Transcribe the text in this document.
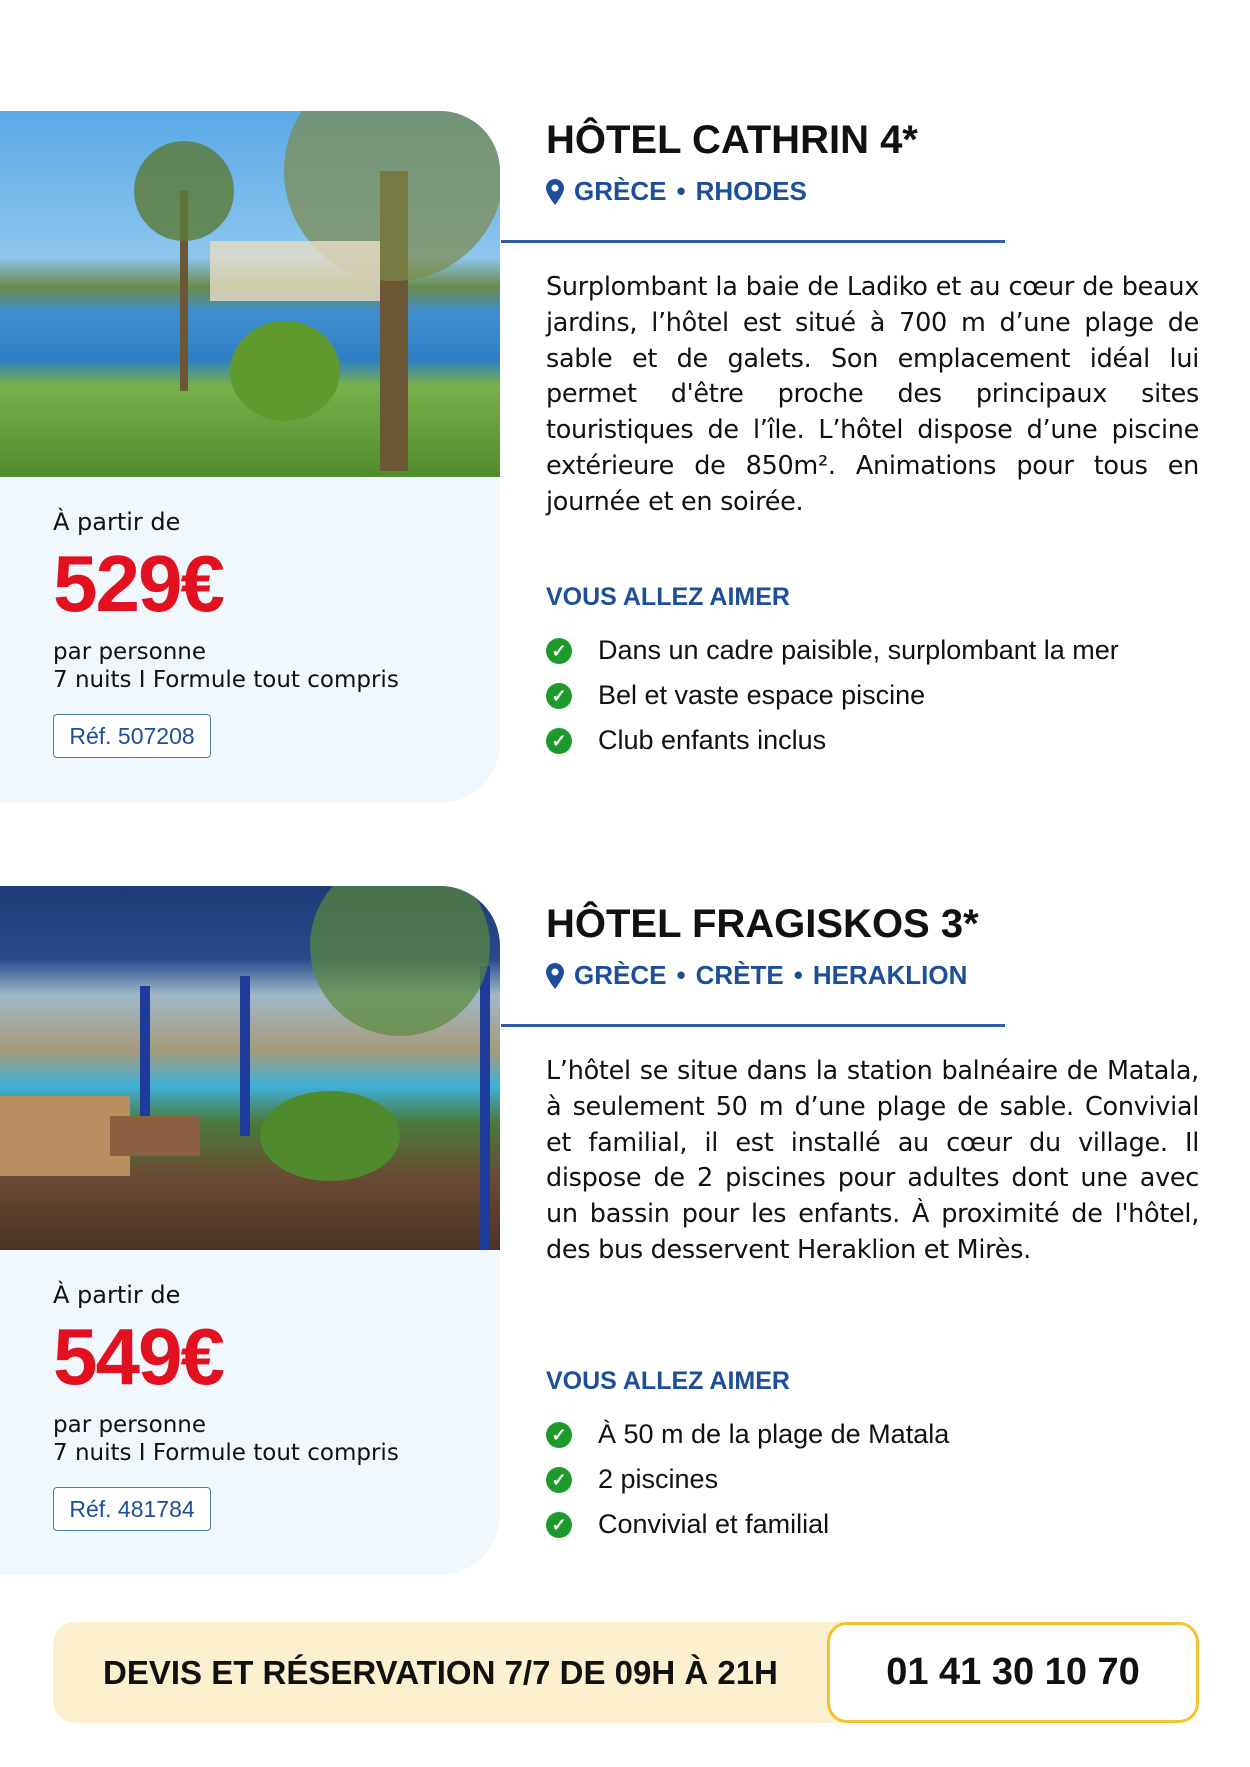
À partir de
529€
par personne
7 nuits I Formule tout compris
Réf. 507208
HÔTEL CATHRIN 4*
GRÈCE • RHODES
Surplombant la baie de Ladiko et au cœur de beaux jardins, l’hôtel est situé à 700 m d’une plage de sable et de galets. Son emplacement idéal lui permet d'être proche des principaux sites touristiques de l’île. L’hôtel dispose d’une piscine extérieure de 850m². Animations pour tous en journée et en soirée.
VOUS ALLEZ AIMER
✓ Dans un cadre paisible, surplombant la mer
✓ Bel et vaste espace piscine
✓ Club enfants inclus
À partir de
549€
par personne
7 nuits I Formule tout compris
Réf. 481784
HÔTEL FRAGISKOS 3*
GRÈCE • CRÈTE • HERAKLION
L’hôtel se situe dans la station balnéaire de Matala, à seulement 50 m d’une plage de sable. Convivial et familial, il est installé au cœur du village. Il dispose de 2 piscines pour adultes dont une avec un bassin pour les enfants. À proximité de l'hôtel, des bus desservent Heraklion et Mirès.
VOUS ALLEZ AIMER
✓ À 50 m de la plage de Matala
✓ 2 piscines
✓ Convivial et familial
DEVIS ET RÉSERVATION 7/7 DE 09H À 21H	01 41 30 10 70
